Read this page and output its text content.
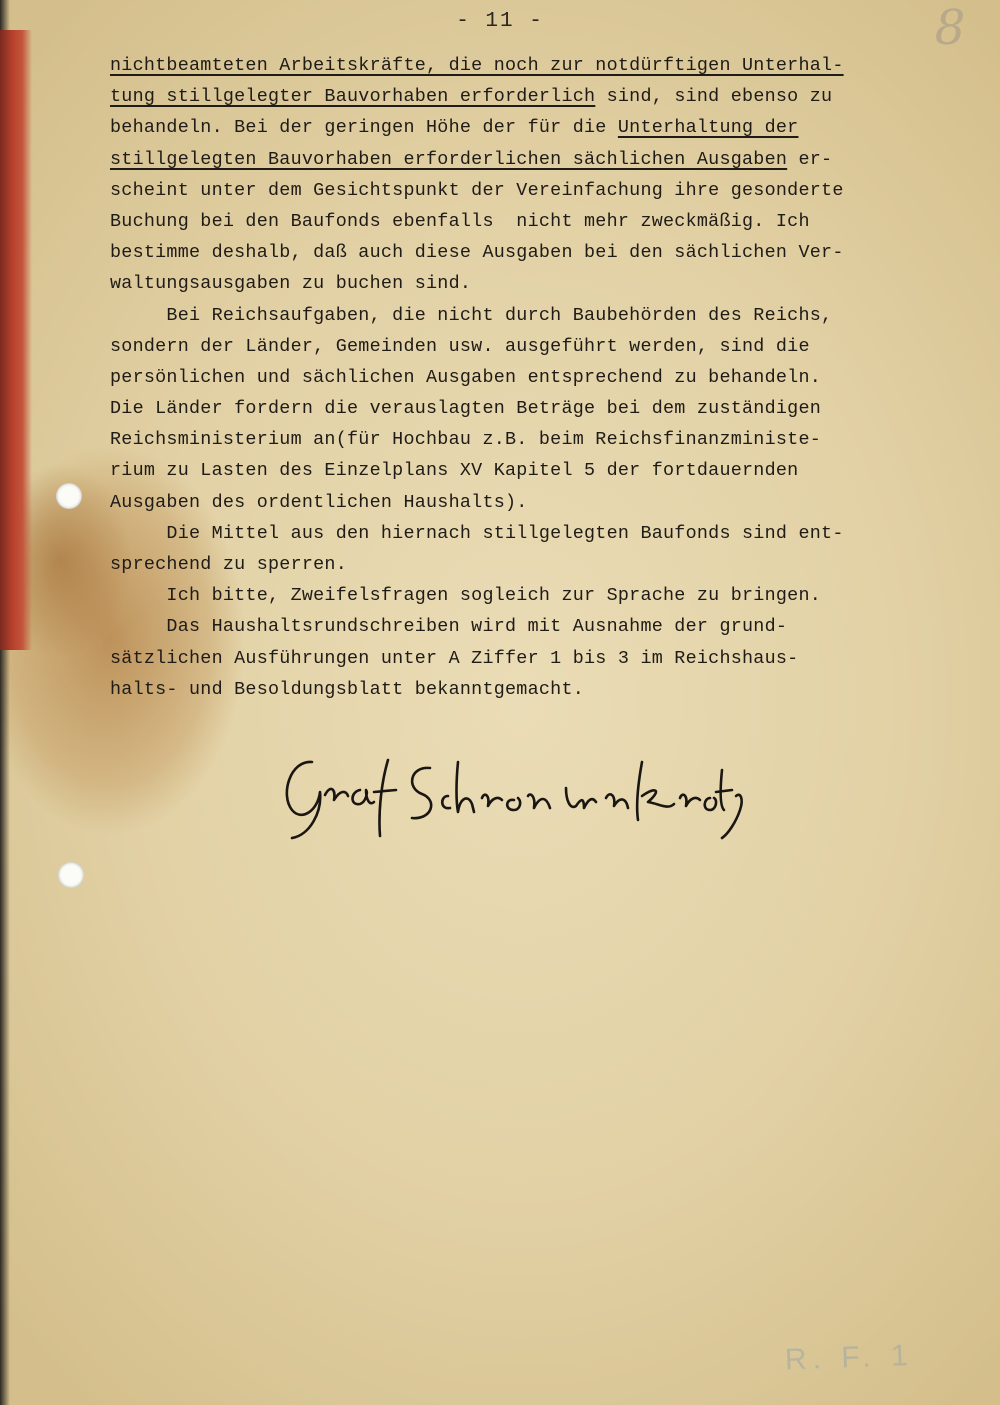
- 11 -	8
nichtbeamteten Arbeitskräfte, die noch zur notdürftigen Unterhal-
tung stillgelegter Bauvorhaben erforderlich sind, sind ebenso zu
behandeln. Bei der geringen Höhe der für die Unterhaltung der
stillgelegten Bauvorhaben erforderlichen sächlichen Ausgaben er-
scheint unter dem Gesichtspunkt der Vereinfachung ihre gesonderte
Buchung bei den Baufonds ebenfalls  nicht mehr zweckmäßig. Ich
bestimme deshalb, daß auch diese Ausgaben bei den sächlichen Ver-
waltungsausgaben zu buchen sind.
Bei Reichsaufgaben, die nicht durch Baubehörden des Reichs,
sondern der Länder, Gemeinden usw. ausgeführt werden, sind die
persönlichen und sächlichen Ausgaben entsprechend zu behandeln.
Die Länder fordern die verauslagten Beträge bei dem zuständigen
Reichsministerium an(für Hochbau z.B. beim Reichsfinanzministe-
rium zu Lasten des Einzelplans XV Kapitel 5 der fortdauernden
Ausgaben des ordentlichen Haushalts).
Die Mittel aus den hiernach stillgelegten Baufonds sind ent-
sprechend zu sperren.
Ich bitte, Zweifelsfragen sogleich zur Sprache zu bringen.
Das Haushaltsrundschreiben wird mit Ausnahme der grund-
sätzlichen Ausführungen unter A Ziffer 1 bis 3 im Reichshaus-
halts- und Besoldungsblatt bekanntgemacht.
R. F. 1
